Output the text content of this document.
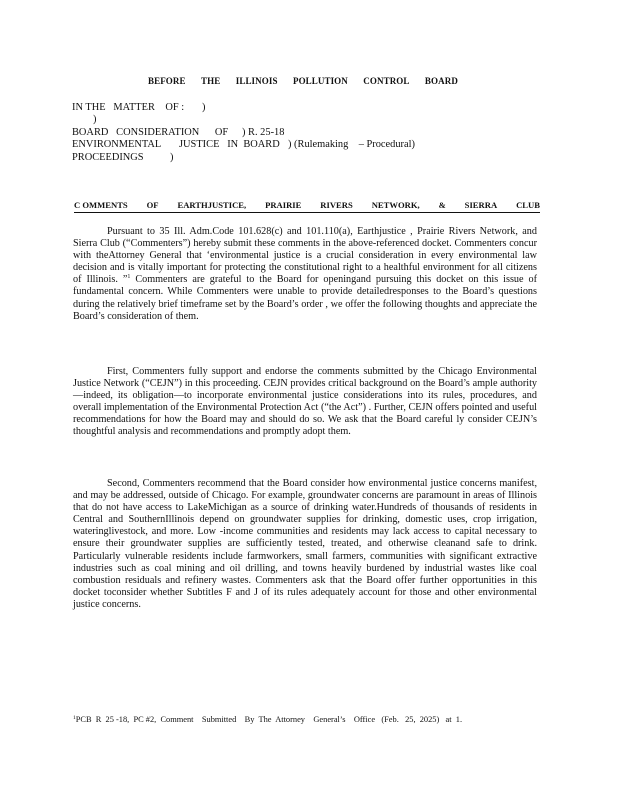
BEFORE THE ILLINOIS POLLUTION CONTROL BOARD
IN THE   MATTER    OF : )
)
BOARD   CONSIDERATION      OF ) R. 25-18
ENVIRONMENTAL       JUSTICE   IN  BOARD ) (Rulemaking    – Procedural)
PROCEEDINGS	)
C OMMENTS OF EARTHJUSTICE, PRAIRIE RIVERS NETWORK, & SIERRA CLUB

Pursuant to 35 Ill. Adm.Code 101.628(c) and 101.110(a), Earthjustice , Prairie Rivers Network, and Sierra Club (“Commenters”) hereby submit these comments in the above-referenced docket. Commenters concur with theAttorney General that ‘environmental justice is a crucial consideration in every environmental law decision and is vitally important for protecting the constitutional right to a healthful environment for all citizens of Illinois. ”$^1$ Commenters are grateful to the Board for openingand pursuing this docket on this issue of fundamental concern. While Commenters were unable to provide detailedresponses to the Board’s questions during the relatively brief timeframe set by the Board’s order , we offer the following thoughts and appreciate the Board’s consideration of them.

First, Commenters fully support and endorse the comments submitted by the Chicago Environmental Justice Network (“CEJN”) in this proceeding. CEJN provides critical background on the Board’s ample authority—indeed, its obligation—to incorporate environmental justice considerations into its rules, procedures, and overall implementation of the Environmental Protection Act (“the Act”) . Further, CEJN offers pointed and useful recommendations for how the Board may and should do so. We ask that the Board careful ly consider CEJN’s thoughtful analysis and recommendations and promptly adopt them.

Second, Commenters recommend that the Board consider how environmental justice concerns manifest, and may be addressed, outside of Chicago. For example, groundwater concerns are paramount in areas of Illinois that do not have access to LakeMichigan as a source of drinking water.Hundreds of thousands of residents in Central and SouthernIllinois depend on groundwater supplies for drinking, domestic uses, crop irrigation, wateringlivestock, and more. Low -income communities and residents may lack access to capital necessary to ensure their groundwater supplies are sufficiently tested, treated, and otherwise cleanand safe to drink. Particularly vulnerable residents include farmworkers, small farmers, communities with significant extractive industries such as coal mining and oil drilling, and towns heavily burdened by industrial wastes like coal combustion residuals and refinery wastes. Commenters ask that the Board offer further opportunities in this docket toconsider whether Subtitles F and J of its rules adequately account for those and other environmental justice concerns.

$^1$PCB  R  25 -18,  PC #2,  Comment    Submitted    By  The  Attorney    General’s    Office   (Feb.   25,  2025)   at  1.
